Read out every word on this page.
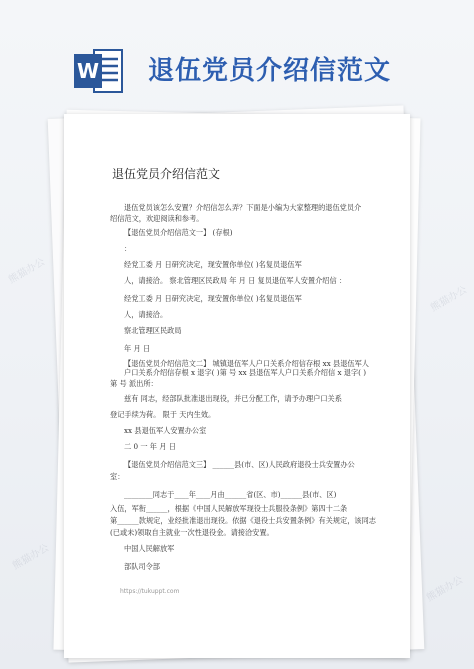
W 退伍党员介绍信范文
熊猫办公
熊猫办公
熊猫办公
熊猫办公
退伍党员介绍信范文
退伍党员该怎么安置？介绍信怎么弄？下面是小编为大家整理的退伍党员介
绍信范文，欢迎阅读和参考。
【退伍党员介绍信范文一】 (存根)
：
经党工委 月 日研究决定，现安置你单位( )名复员退伍军
人，请接洽。 察北管理区民政局 年 月 日 复员退伍军人安置介绍信 ：
经党工委 月 日研究决定，现安置你单位( )名复员退伍军
人，请接洽。
察北管理区民政局
年 月 日
【退伍党员介绍信范文二】 城镇退伍军人户口关系介绍信存根 xx 县退伍军人户口关系介绍信存根 x 退字( )第 号 xx 县退伍军人户口关系介绍信 x 退字( )
第 号 派出所：
兹有 同志，经部队批准退出现役，并已分配工作，请予办理户口关系
登记手续为荷。 限于 天内生效。
xx 县退伍军人安置办公室
二 0 一 年 月 日
【退伍党员介绍信范文三】 ______县(市、区)人民政府退役士兵安置办公
室：
________同志于____年____月由______省(区、市)______县(市、区)
入伍，军衔______，根据《中国人民解放军现役士兵服役条例》第四十二条
第______款规定，业经批准退出现役。依据《退役士兵安置条例》有关规定，该同志
(已或未)领取自主就业一次性退役金。请接洽安置。
中国人民解放军
部队司令部
https://tukuppt.com
